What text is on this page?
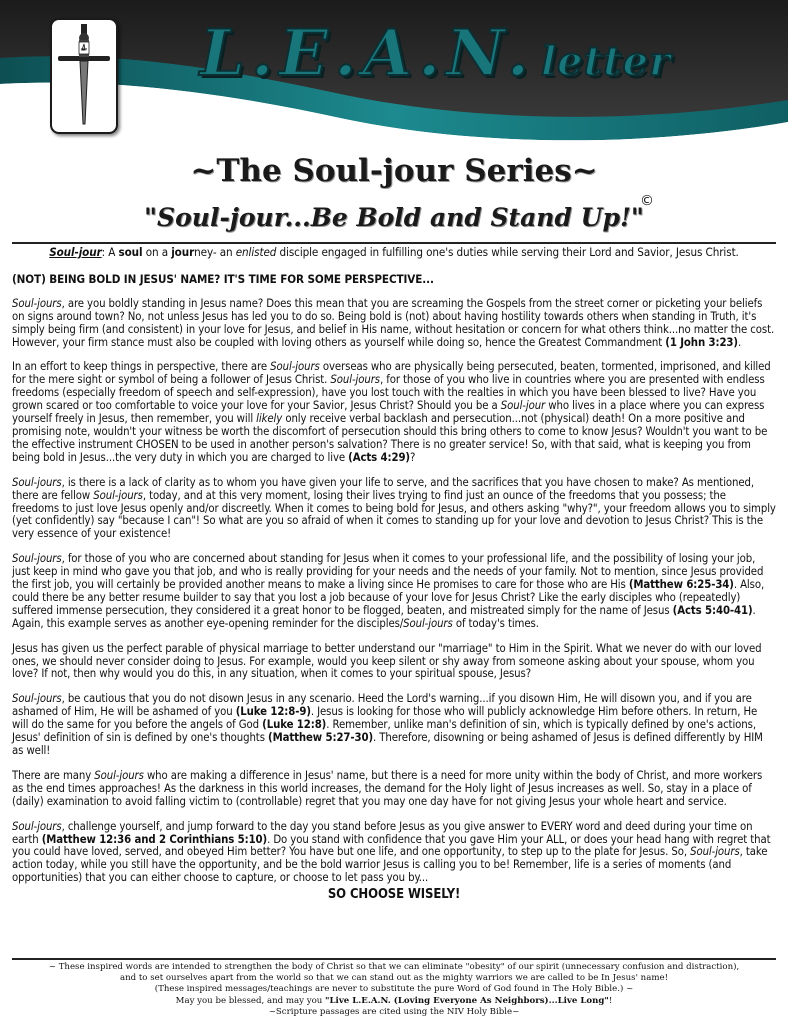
L.E.A.N. letter
~The Soul-jour Series~
©
"Soul-jour...Be Bold and Stand Up!"

Soul-jour: A soul on a journey- an enlisted disciple engaged in fulfilling one's duties while serving their Lord and Savior, Jesus Christ.

(NOT) BEING BOLD IN JESUS' NAME? IT'S TIME FOR SOME PERSPECTIVE...

Soul-jours, are you boldly standing in Jesus name? Does this mean that you are screaming the Gospels from the street corner or picketing your beliefs on signs around town? No, not unless Jesus has led you to do so. Being bold is (not) about having hostility towards others when standing in Truth, it's simply being firm (and consistent) in your love for Jesus, and belief in His name, without hesitation or concern for what others think...no matter the cost. However, your firm stance must also be coupled with loving others as yourself while doing so, hence the Greatest Commandment (1 John 3:23).

In an effort to keep things in perspective, there are Soul-jours overseas who are physically being persecuted, beaten, tormented, imprisoned, and killed for the mere sight or symbol of being a follower of Jesus Christ. Soul-jours, for those of you who live in countries where you are presented with endless freedoms (especially freedom of speech and self-expression), have you lost touch with the realties in which you have been blessed to live? Have you grown scared or too comfortable to voice your love for your Savior, Jesus Christ? Should you be a Soul-jour who lives in a place where you can express yourself freely in Jesus, then remember, you will likely only receive verbal backlash and persecution...not (physical) death! On a more positive and promising note, wouldn't your witness be worth the discomfort of persecution should this bring others to come to know Jesus? Wouldn't you want to be the effective instrument CHOSEN to be used in another person's salvation? There is no greater service! So, with that said, what is keeping you from being bold in Jesus...the very duty in which you are charged to live (Acts 4:29)?

Soul-jours, is there is a lack of clarity as to whom you have given your life to serve, and the sacrifices that you have chosen to make? As mentioned, there are fellow Soul-jours, today, and at this very moment, losing their lives trying to find just an ounce of the freedoms that you possess; the freedoms to just love Jesus openly and/or discreetly. When it comes to being bold for Jesus, and others asking "why?", your freedom allows you to simply (yet confidently) say "because I can"! So what are you so afraid of when it comes to standing up for your love and devotion to Jesus Christ? This is the very essence of your existence!

Soul-jours, for those of you who are concerned about standing for Jesus when it comes to your professional life, and the possibility of losing your job, just keep in mind who gave you that job, and who is really providing for your needs and the needs of your family. Not to mention, since Jesus provided the first job, you will certainly be provided another means to make a living since He promises to care for those who are His (Matthew 6:25-34). Also, could there be any better resume builder to say that you lost a job because of your love for Jesus Christ? Like the early disciples who (repeatedly) suffered immense persecution, they considered it a great honor to be flogged, beaten, and mistreated simply for the name of Jesus (Acts 5:40-41). Again, this example serves as another eye-opening reminder for the disciples/Soul-jours of today's times.

Jesus has given us the perfect parable of physical marriage to better understand our "marriage" to Him in the Spirit. What we never do with our loved ones, we should never consider doing to Jesus. For example, would you keep silent or shy away from someone asking about your spouse, whom you love? If not, then why would you do this, in any situation, when it comes to your spiritual spouse, Jesus?

Soul-jours, be cautious that you do not disown Jesus in any scenario. Heed the Lord's warning...if you disown Him, He will disown you, and if you are ashamed of Him, He will be ashamed of you (Luke 12:8-9). Jesus is looking for those who will publicly acknowledge Him before others. In return, He will do the same for you before the angels of God (Luke 12:8). Remember, unlike man's definition of sin, which is typically defined by one's actions, Jesus' definition of sin is defined by one's thoughts (Matthew 5:27-30). Therefore, disowning or being ashamed of Jesus is defined differently by HIM as well!

There are many Soul-jours who are making a difference in Jesus' name, but there is a need for more unity within the body of Christ, and more workers as the end times approaches! As the darkness in this world increases, the demand for the Holy light of Jesus increases as well. So, stay in a place of (daily) examination to avoid falling victim to (controllable) regret that you may one day have for not giving Jesus your whole heart and service.

Soul-jours, challenge yourself, and jump forward to the day you stand before Jesus as you give answer to EVERY word and deed during your time on earth (Matthew 12:36 and 2 Corinthians 5:10). Do you stand with confidence that you gave Him your ALL, or does your head hang with regret that you could have loved, served, and obeyed Him better? You have but one life, and one opportunity, to step up to the plate for Jesus. So, Soul-jours, take action today, while you still have the opportunity, and be the bold warrior Jesus is calling you to be! Remember, life is a series of moments (and opportunities) that you can either choose to capture, or choose to let pass you by...

SO CHOOSE WISELY!

~ These inspired words are intended to strengthen the body of Christ so that we can eliminate "obesity" of our spirit (unnecessary confusion and distraction),
and to set ourselves apart from the world so that we can stand out as the mighty warriors we are called to be In Jesus' name!
(These inspired messages/teachings are never to substitute the pure Word of God found in The Holy Bible.) ~
May you be blessed, and may you "Live L.E.A.N. (Loving Everyone As Neighbors)...Live Long"!
~Scripture passages are cited using the NIV Holy Bible~
